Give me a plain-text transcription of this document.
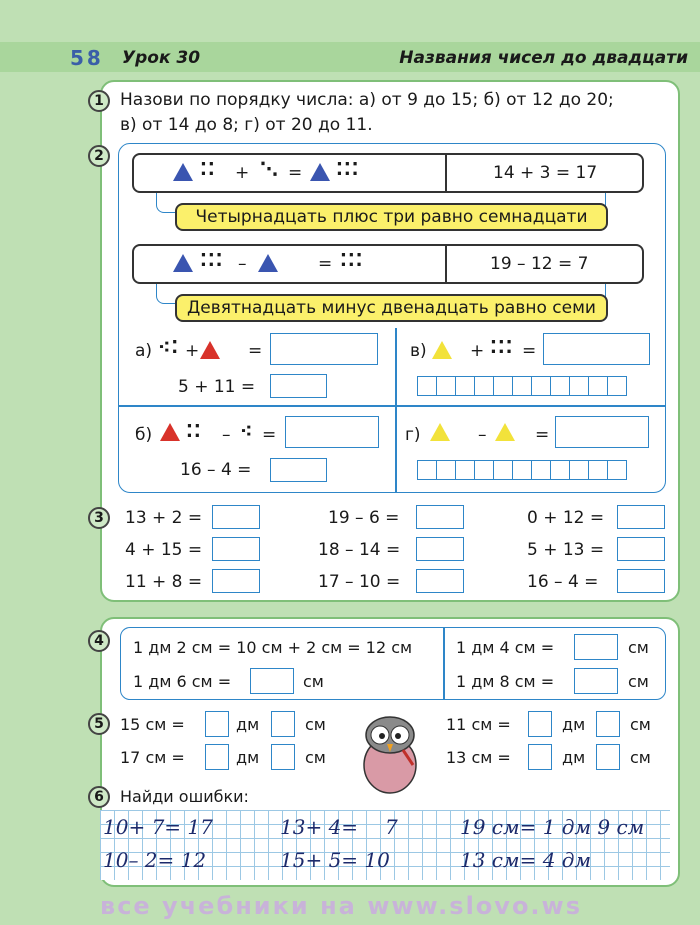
58 Урок 30	Названия чисел до двадцати
1 Назови по порядку числа: а) от 9 до 15; б) от 12 до 20;
в) от 14 до 8; г) от 20 до 11.
2
⁚⁚ + ⋱ = ⁚⁚⁚	14 + 3 = 17
Четырнадцать плюс три равно семнадцати
⁚⁚⁚ –	= ⁚⁚⁚	19 – 12 = 7
Девятнадцать минус двенадцать равно семи
а) ⁖⁚ +	=
5 + 11 =
в)	+ ⁚⁚⁚ =
б) ⁚⁚ – ⁖ =
16 – 4 =
г)	–	=
3	13 + 2 =	19 – 6 =	0 + 12 =
4 + 15 =	18 – 14 =	5 + 13 =
11 + 8 =	17 – 10 =	16 – 4 =
4	1 дм 2 см = 10 см + 2 см = 12 см
1 дм 6 см =	см
1 дм 4 см =	см
1 дм 8 см =	см
5	15 см =	дм	см
17 см =	дм	см
11 см =	дм	см
13 см =	дм	см
6	Найди ошибки:
10+ 7= 17	13+ 4= 7	19 см= 1 дм 9 см
10– 2= 12	15+ 5= 10	13 см= 4 дм
все учебники на www.slovo.ws
